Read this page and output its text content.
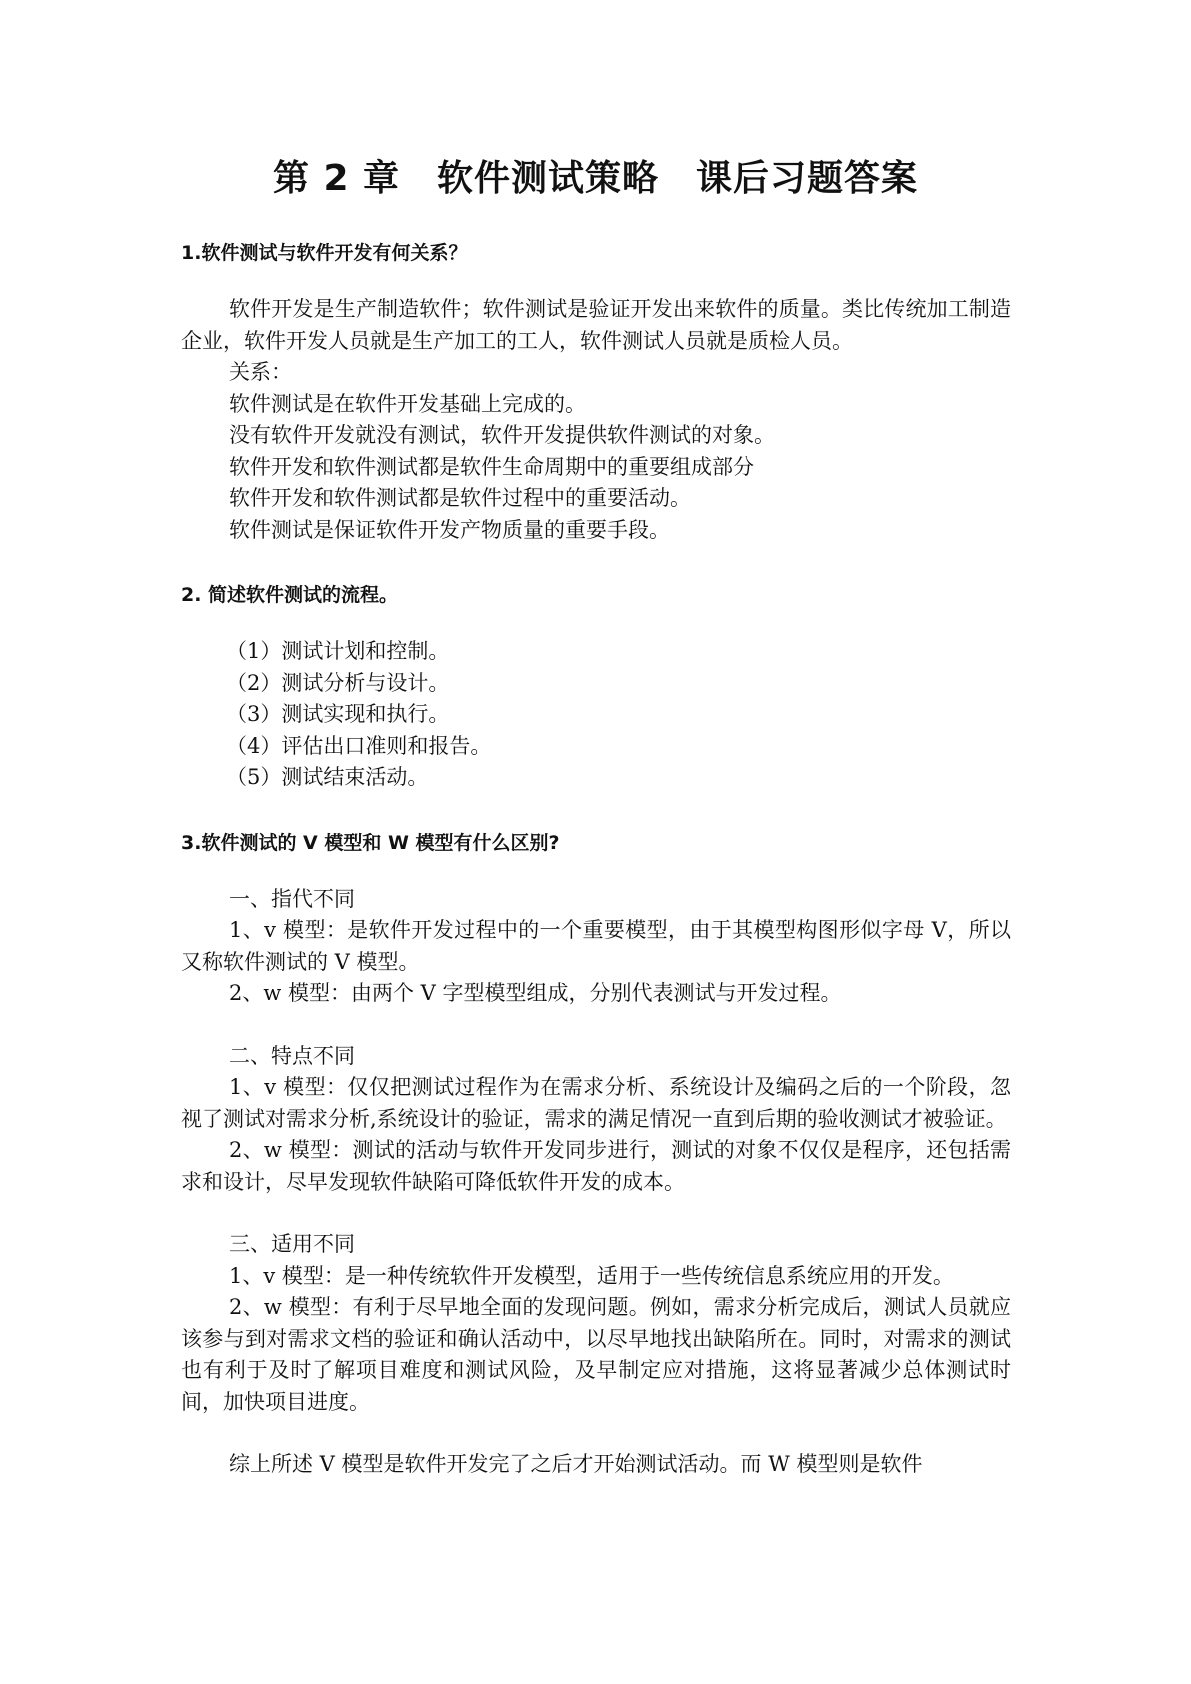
第 2 章　软件测试策略　课后习题答案

1.软件测试与软件开发有何关系？

软件开发是生产制造软件；软件测试是验证开发出来软件的质量。类比传统加工制造企业，软件开发人员就是生产加工的工人，软件测试人员就是质检人员。

关系：

软件测试是在软件开发基础上完成的。

没有软件开发就没有测试，软件开发提供软件测试的对象。

软件开发和软件测试都是软件生命周期中的重要组成部分

软件开发和软件测试都是软件过程中的重要活动。

软件测试是保证软件开发产物质量的重要手段。

2. 简述软件测试的流程。

（1）测试计划和控制。

（2）测试分析与设计。

（3）测试实现和执行。

（4）评估出口准则和报告。

（5）测试结束活动。

3.软件测试的 V 模型和 W 模型有什么区别?

一、指代不同

1、v 模型：是软件开发过程中的一个重要模型，由于其模型构图形似字母 V，所以又称软件测试的 V 模型。

2、w 模型：由两个 V 字型模型组成，分别代表测试与开发过程。

二、特点不同

1、v 模型：仅仅把测试过程作为在需求分析、系统设计及编码之后的一个阶段，忽视了测试对需求分析,系统设计的验证，需求的满足情况一直到后期的验收测试才被验证。

2、w 模型：测试的活动与软件开发同步进行，测试的对象不仅仅是程序，还包括需求和设计，尽早发现软件缺陷可降低软件开发的成本。

三、适用不同

1、v 模型：是一种传统软件开发模型，适用于一些传统信息系统应用的开发。

2、w 模型：有利于尽早地全面的发现问题。例如，需求分析完成后，测试人员就应该参与到对需求文档的验证和确认活动中，以尽早地找出缺陷所在。同时，对需求的测试也有利于及时了解项目难度和测试风险，及早制定应对措施，这将显著减少总体测试时间，加快项目进度。

综上所述 V 模型是软件开发完了之后才开始测试活动。而 W 模型则是软件
